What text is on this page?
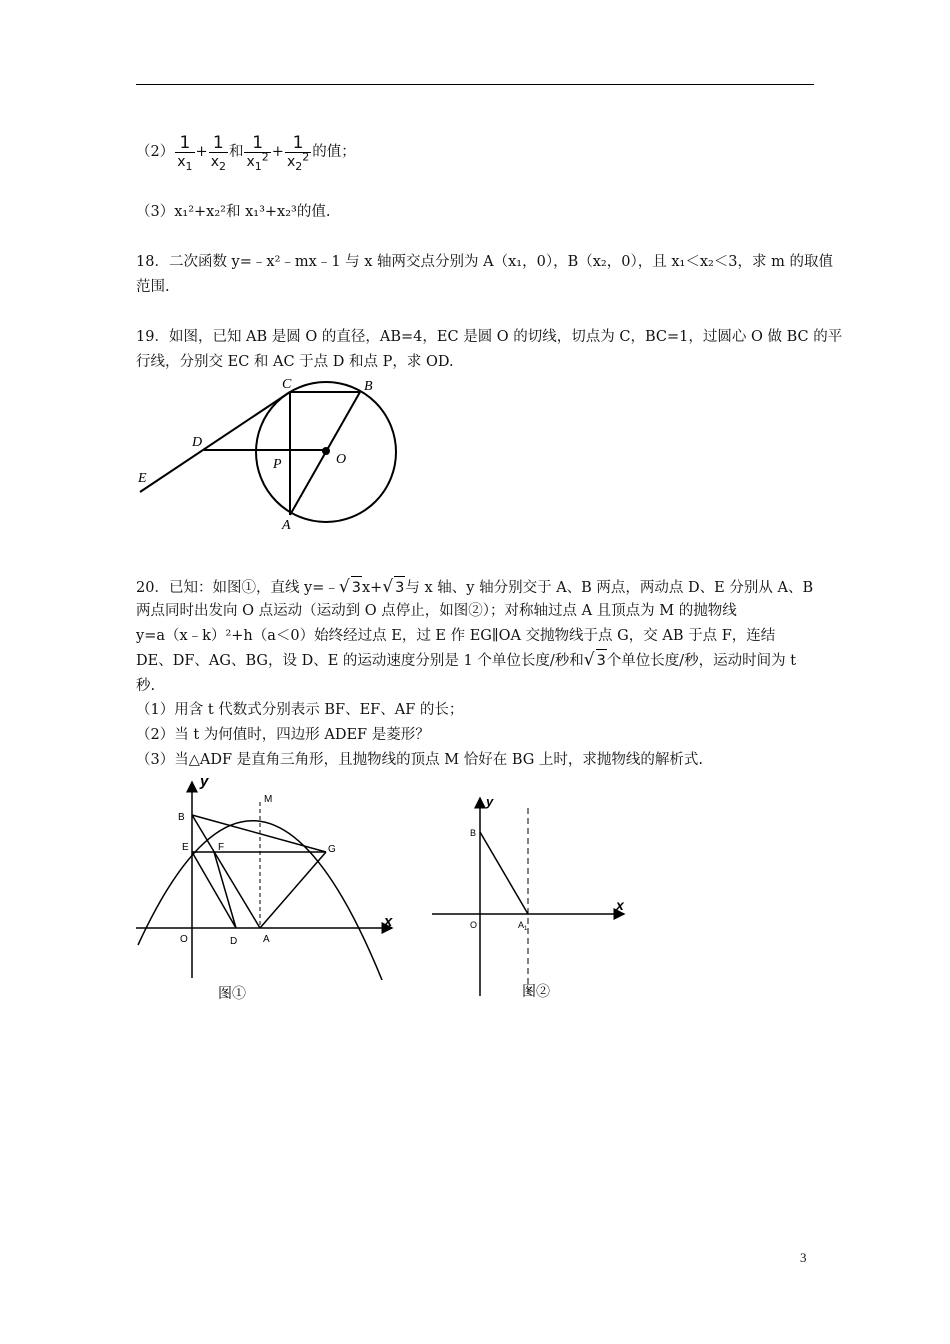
$(2) \frac{1}{x_1} + \frac{1}{x_2}$ 和 $\frac{1}{x_1^2} + \frac{1}{x_2^2}$ 的值；
（3）x₁²+x₂²和 x₁³+x₂³的值.
18．二次函数 y=﹣x²﹣mx﹣1 与 x 轴两交点分别为 A（x₁，0），B（x₂，0），且 x₁＜x₂＜3，求 m 的取值
范围.
19．如图，已知 AB 是圆 O 的直径，AB=4，EC 是圆 O 的切线，切点为 C，BC=1，过圆心 O 做 BC 的平
行线，分别交 EC 和 AC 于点 D 和点 P，求 OD.
C	B
D
E
P	O
A
20．已知：如图①，直线 y=﹣√ 3x+√ 3与 x 轴、y 轴分别交于 A、B 两点，两动点 D、E 分别从 A、B
两点同时出发向 O 点运动（运动到 O 点停止，如图②）；对称轴过点 A 且顶点为 M 的抛物线
y=a（x﹣k）²+h（a＜0）始终经过点 E，过 E 作 EG∥OA 交抛物线于点 G，交 AB 于点 F，连结
DE、DF、AG、BG，设 D、E 的运动速度分别是 1 个单位长度/秒和√ 3个单位长度/秒，运动时间为 t
秒.
（1）用含 t 代数式分别表示 BF、EF、AF 的长；
（2）当 t 为何值时，四边形 ADEF 是菱形？
（3）当△ADF 是直角三角形，且抛物线的顶点 M 恰好在 BG 上时，求抛物线的解析式.
y
x
M
B
E	F	G
O	D	A
图①
y
x
B
O	$A_1$
图②
3
